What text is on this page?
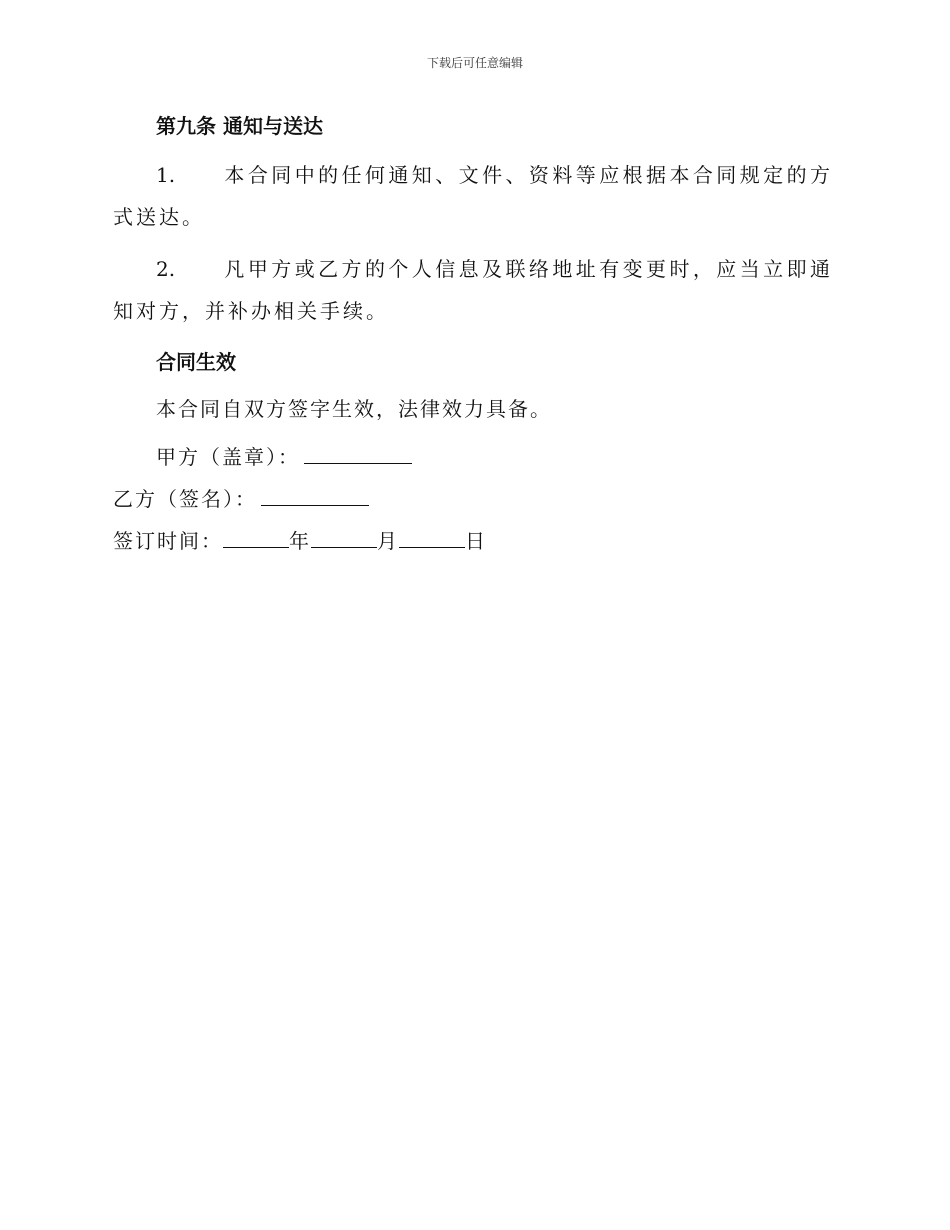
下载后可任意编辑

第九条 通知与送达

1. 本合同中的任何通知、文件、资料等应根据本合同规定的方式送达。

2. 凡甲方或乙方的个人信息及联络地址有变更时，应当立即通知对方，并补办相关手续。

合同生效

本合同自双方签字生效，法律效力具备。

甲方（盖章）：

乙方（签名）：

签订时间：	年	月	日
